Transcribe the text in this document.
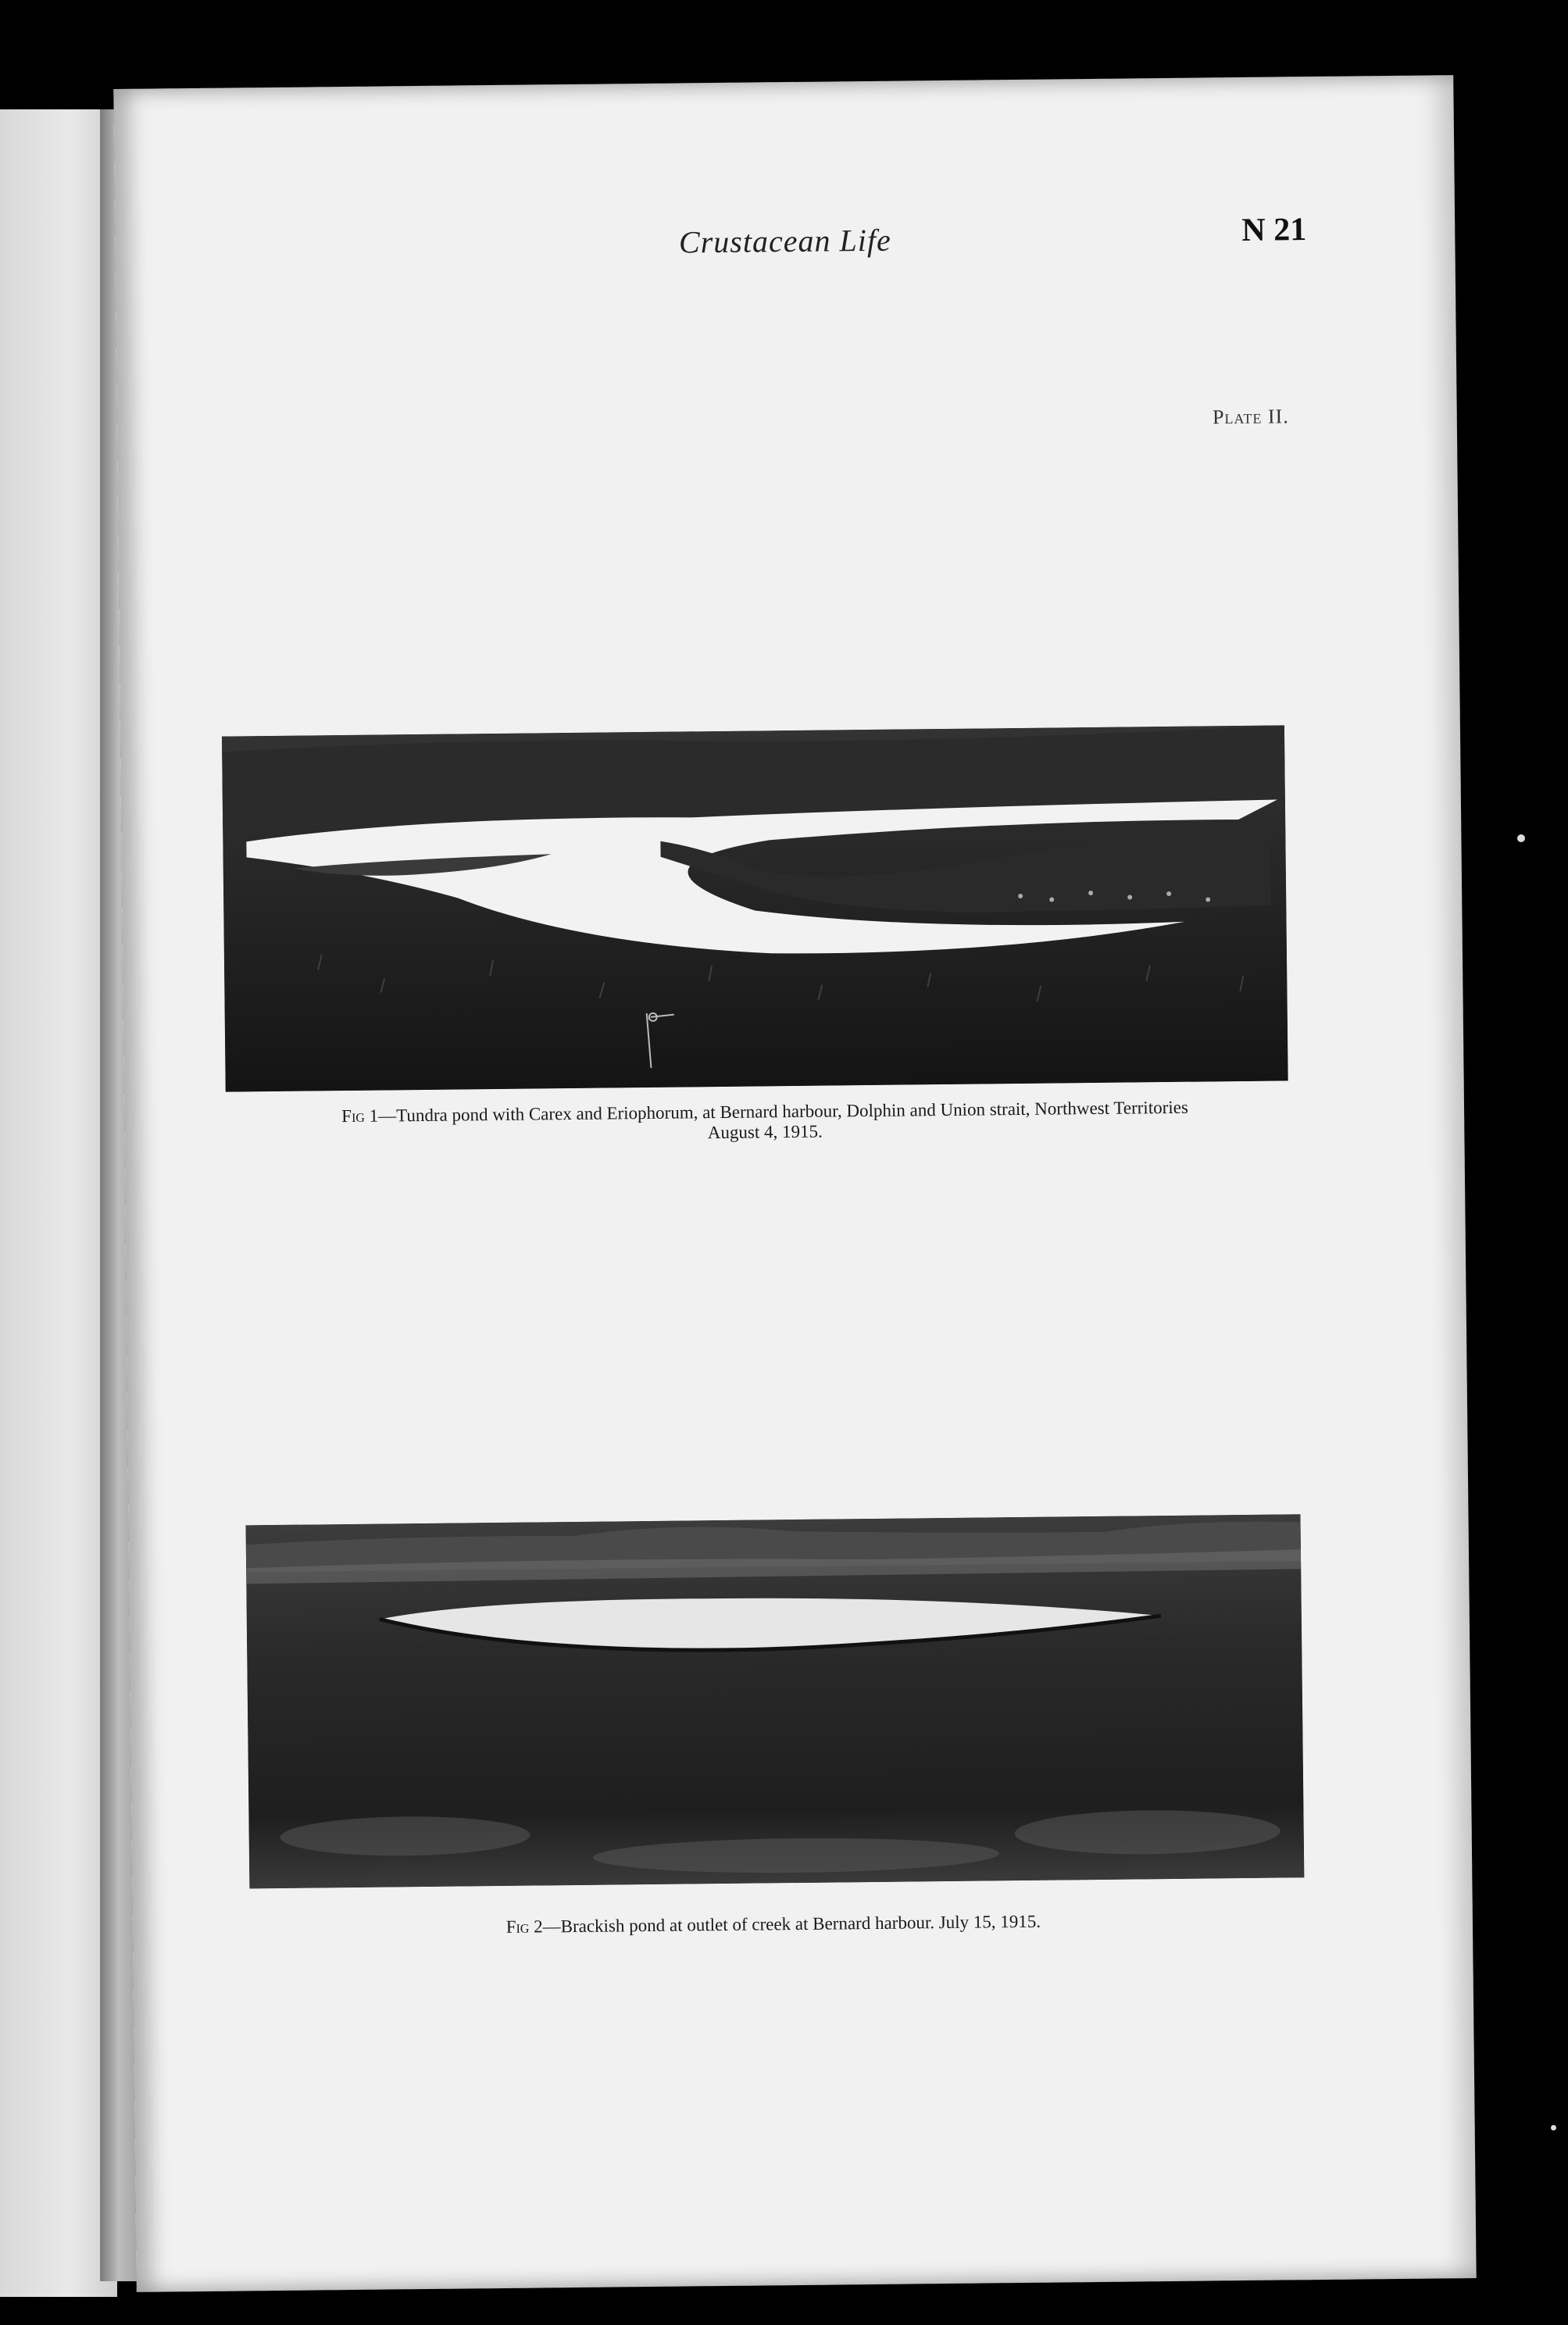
Crustacean Life	N 21
Plate II.
Fig 1—Tundra pond with Carex and Eriophorum, at Bernard harbour, Dolphin and Union strait, Northwest Territories
August 4, 1915.
Fig 2—Brackish pond at outlet of creek at Bernard harbour. July 15, 1915.
